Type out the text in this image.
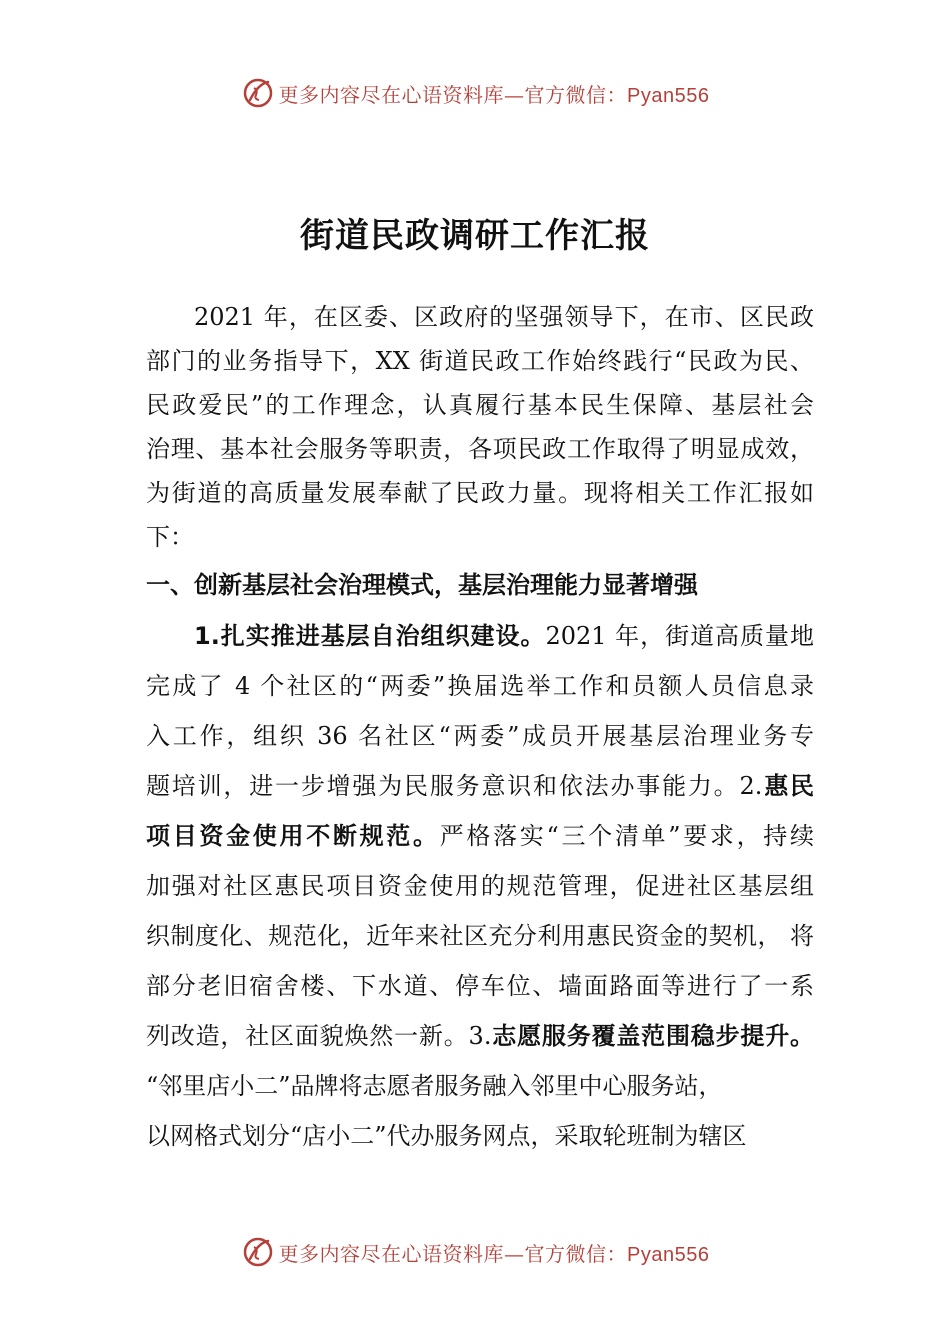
更多内容尽在心语资料库—官方微信：Pyan556
街道民政调研工作汇报
2021 年，在区委、区政府的坚强领导下，在市、区民政
部门的业务指导下，XX 街道民政工作始终践行“民政为民、
民政爱民”的工作理念，认真履行基本民生保障、基层社会
治理、基本社会服务等职责，各项民政工作取得了明显成效，
为街道的高质量发展奉献了民政力量。现将相关工作汇报如
下：
一、创新基层社会治理模式，基层治理能力显著增强
1.扎实推进基层自治组织建设。2021 年，街道高质量地
完成了 4 个社区的“两委”换届选举工作和员额人员信息录
入工作，组织 36 名社区“两委”成员开展基层治理业务专
题培训，进一步增强为民服务意识和依法办事能力。2.惠民
项目资金使用不断规范。严格落实“三个清单”要求，持续
加强对社区惠民项目资金使用的规范管理，促进社区基层组
织制度化、规范化，近年来社区充分利用惠民资金的契机， 将
部分老旧宿舍楼、下水道、停车位、墙面路面等进行了一系
列改造，社区面貌焕然一新。3.志愿服务覆盖范围稳步提升。
“邻里店小二”品牌将志愿者服务融入邻里中心服务站，
以网格式划分“店小二”代办服务网点，采取轮班制为辖区
更多内容尽在心语资料库—官方微信：Pyan556
